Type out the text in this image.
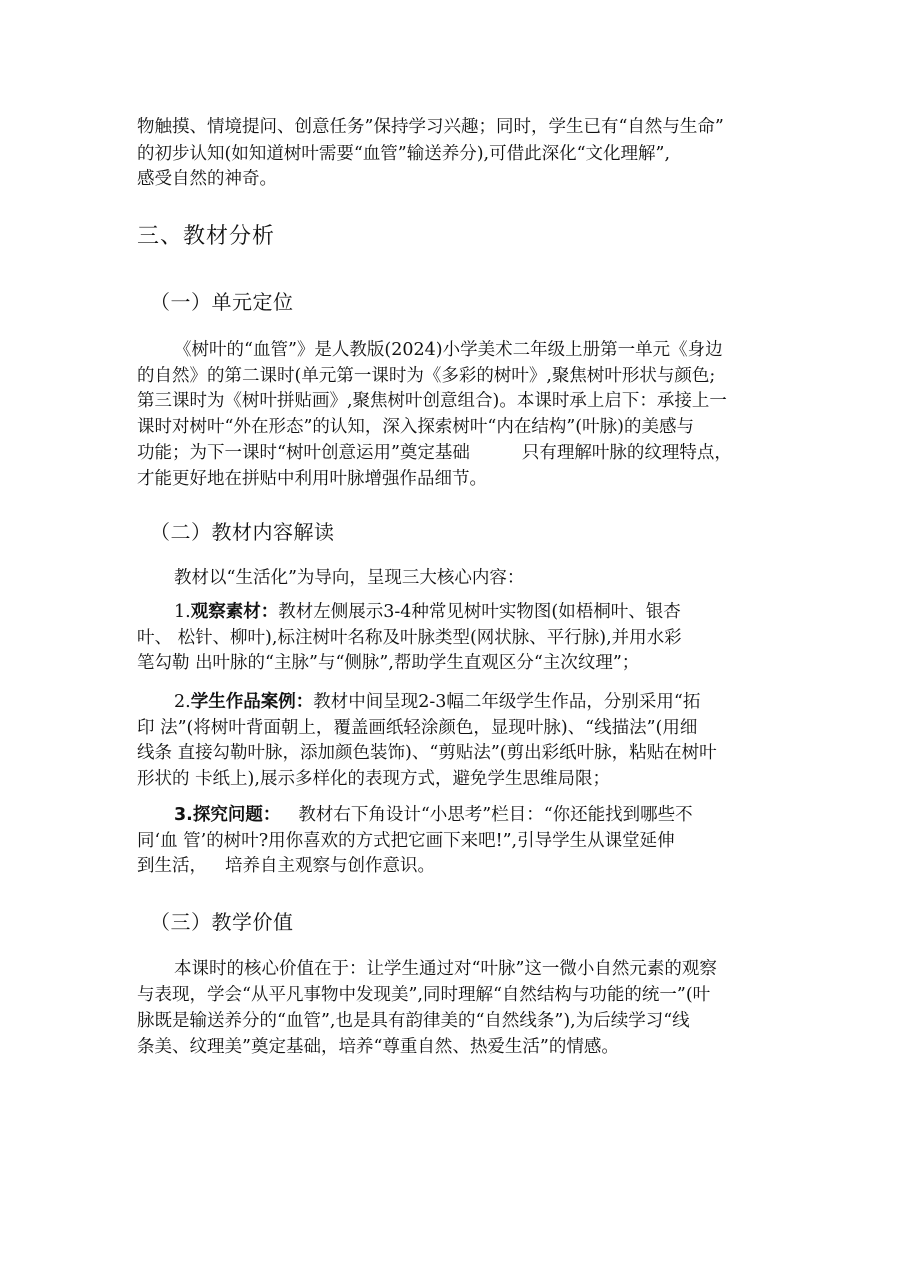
物触摸、情境提问、创意任务”保持学习兴趣；同时，学生已有“自然与生命”
的初步认知(如知道树叶需要“血管”输送养分),可借此深化“文化理解”,
感受自然的神奇。
三、教材分析
（一）单元定位
《树叶的“血管”》是人教版(2024)小学美术二年级上册第一单元《身边
的自然》的第二课时(单元第一课时为《多彩的树叶》,聚焦树叶形状与颜色;
第三课时为《树叶拼贴画》,聚焦树叶创意组合)。本课时承上启下：承接上一
课时对树叶“外在形态”的认知，深入探索树叶“内在结构”(叶脉)的美感与
功能；为下一课时“树叶创意运用”奠定基础	只有理解叶脉的纹理特点，
才能更好地在拼贴中利用叶脉增强作品细节。
（二）教材内容解读
教材以“生活化”为导向，呈现三大核心内容：
1.观察素材：教材左侧展示3-4种常见树叶实物图(如梧桐叶、银杏
叶、 松针、柳叶),标注树叶名称及叶脉类型(网状脉、平行脉),并用水彩
笔勾勒 出叶脉的“主脉”与“侧脉”,帮助学生直观区分“主次纹理”；
2.学生作品案例：教材中间呈现2-3幅二年级学生作品，分别采用“拓
印 法”(将树叶背面朝上，覆盖画纸轻涂颜色，显现叶脉)、“线描法”(用细
线条 直接勾勒叶脉，添加颜色装饰)、“剪贴法”(剪出彩纸叶脉，粘贴在树叶
形状的 卡纸上),展示多样化的表现方式，避免学生思维局限；
3.探究问题： 教材右下角设计“小思考”栏目：“你还能找到哪些不
同‘血 管’的树叶?用你喜欢的方式把它画下来吧!”,引导学生从课堂延伸
到生活， 培养自主观察与创作意识。
（三）教学价值
本课时的核心价值在于：让学生通过对“叶脉”这一微小自然元素的观察
与表现，学会“从平凡事物中发现美”,同时理解“自然结构与功能的统一”(叶
脉既是输送养分的“血管”,也是具有韵律美的“自然线条”),为后续学习“线
条美、纹理美”奠定基础，培养“尊重自然、热爱生活”的情感。
